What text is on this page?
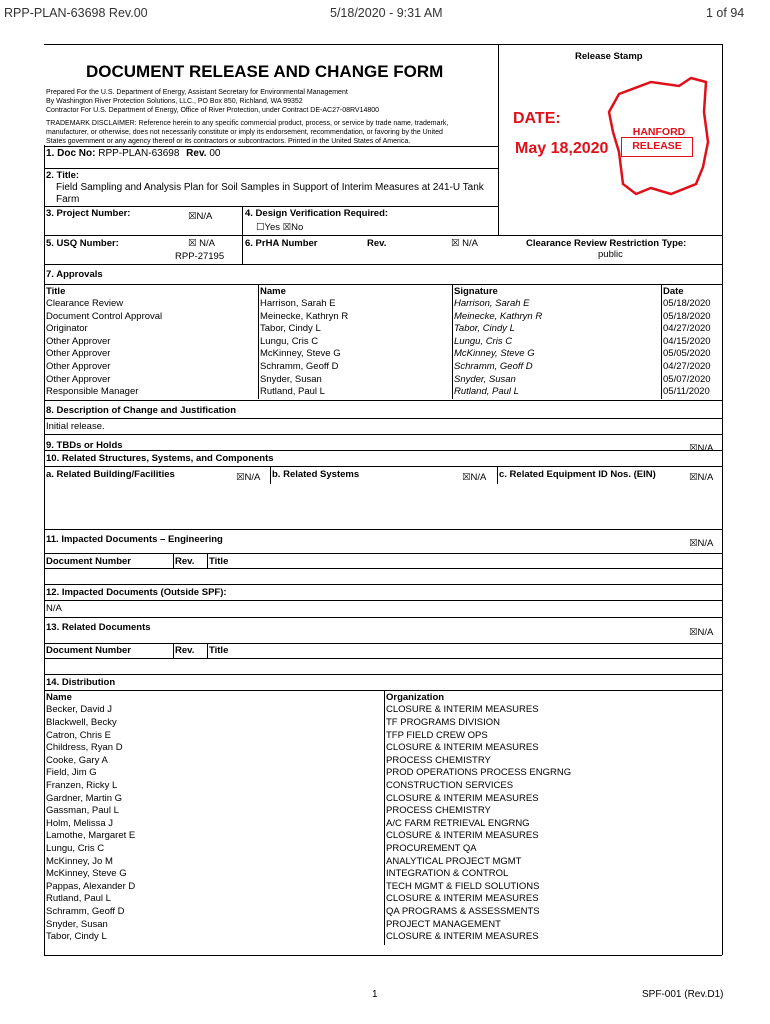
RPP-PLAN-63698 Rev.00	5/18/2020 - 9:31 AM	1 of 94
DOCUMENT RELEASE AND CHANGE FORM
Prepared For the U.S. Department of Energy, Assistant Secretary for Environmental Management
By Washington River Protection Solutions, LLC., PO Box 850, Richland, WA 99352
Contractor For U.S. Department of Energy, Office of River Protection, under Contract DE-AC27-08RV14800
TRADEMARK DISCLAIMER: Reference herein to any specific commercial product, process, or service by trade name, trademark,
manufacturer, or otherwise, does not necessarily constitute or imply its endorsement, recommendation, or favoring by the United
States government or any agency thereof or its contractors or subcontractors. Printed in the United States of America.
Release Stamp
DATE:
May 18,2020
HANFORD
RELEASE
1. Doc No: RPP-PLAN-63698 Rev. 00
2. Title:
Field Sampling and Analysis Plan for Soil Samples in Support of Interim Measures at 241-U Tank
Farm
3. Project Number:	☒N/A	4. Design Verification Required:
☐Yes ☒No
5. USQ Number:	☒ N/A
RPP-27195
6. PrHA Number	Rev.	☒ N/A	Clearance Review Restriction Type:
public
7. Approvals
Title	Name	Signature	Date
Clearance Review	Harrison, Sarah E	Harrison, Sarah E	05/18/2020
Document Control Approval	Meinecke, Kathryn R	Meinecke, Kathryn R	05/18/2020
Originator	Tabor, Cindy L	Tabor, Cindy L	04/27/2020
Other Approver	Lungu, Cris C	Lungu, Cris C	04/15/2020
Other Approver	McKinney, Steve G	McKinney, Steve G	05/05/2020
Other Approver	Schramm, Geoff D	Schramm, Geoff D	04/27/2020
Other Approver	Snyder, Susan	Snyder, Susan	05/07/2020
Responsible Manager	Rutland, Paul L	Rutland, Paul L	05/11/2020
8. Description of Change and Justification
Initial release.
9. TBDs or Holds	☒N/A
10. Related Structures, Systems, and Components
a. Related Building/Facilities	☒N/A b. Related Systems	☒N/A c. Related Equipment ID Nos. (EIN)	☒N/A
11. Impacted Documents – Engineering	☒N/A
Document Number	Rev. Title
12. Impacted Documents (Outside SPF):
N/A
13. Related Documents	☒N/A
Document Number	Rev. Title
14. Distribution
Name	Organization
Becker, David J	CLOSURE & INTERIM MEASURES
Blackwell, Becky	TF PROGRAMS DIVISION
Catron, Chris E	TFP FIELD CREW OPS
Childress, Ryan D	CLOSURE & INTERIM MEASURES
Cooke, Gary A	PROCESS CHEMISTRY
Field, Jim G	PROD OPERATIONS PROCESS ENGRNG
Franzen, Ricky L	CONSTRUCTION SERVICES
Gardner, Martin G	CLOSURE & INTERIM MEASURES
Gassman, Paul L	PROCESS CHEMISTRY
Holm, Melissa J	A/C FARM RETRIEVAL ENGRNG
Lamothe, Margaret E	CLOSURE & INTERIM MEASURES
Lungu, Cris C	PROCUREMENT QA
McKinney, Jo M	ANALYTICAL PROJECT MGMT
McKinney, Steve G	INTEGRATION & CONTROL
Pappas, Alexander D	TECH MGMT & FIELD SOLUTIONS
Rutland, Paul L	CLOSURE & INTERIM MEASURES
Schramm, Geoff D	QA PROGRAMS & ASSESSMENTS
Snyder, Susan	PROJECT MANAGEMENT
Tabor, Cindy L	CLOSURE & INTERIM MEASURES
1	SPF-001 (Rev.D1)
